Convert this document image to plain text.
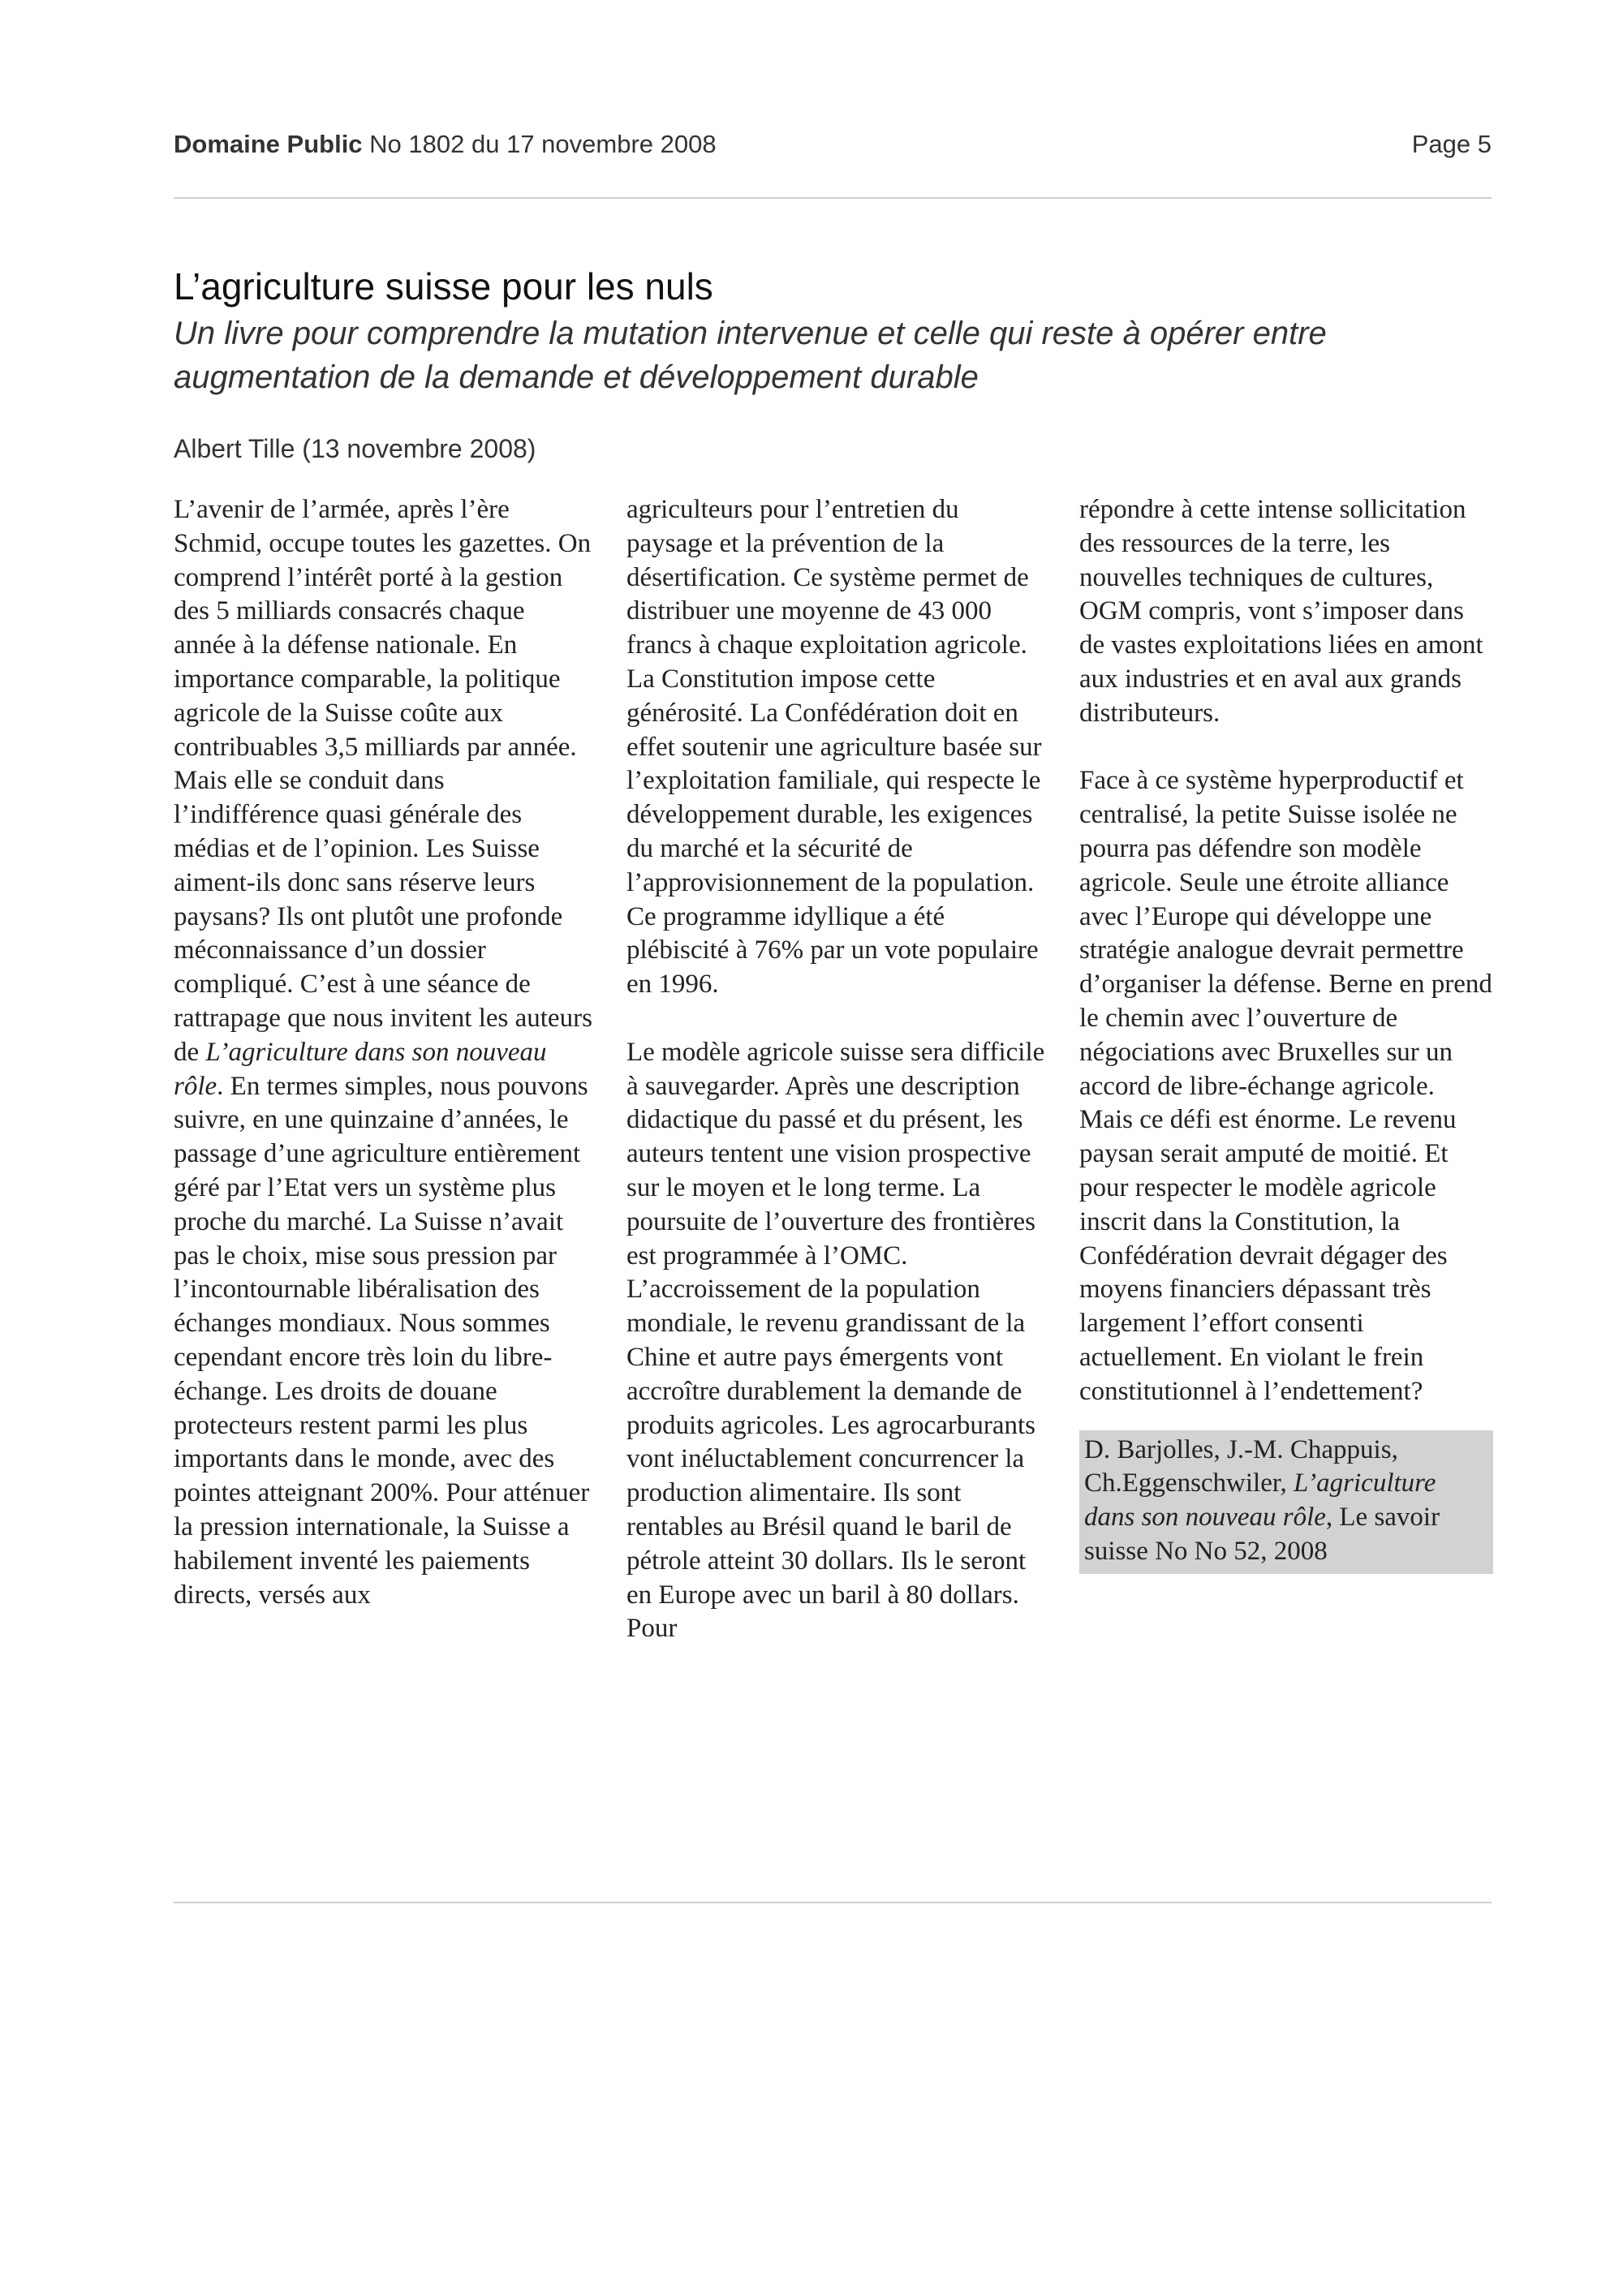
Domaine Public No 1802 du 17 novembre 2008	Page 5
L’agriculture suisse pour les nuls

Un livre pour comprendre la mutation intervenue et celle qui reste à opérer entre augmentation de la demande et développement durable

Albert Tille (13 novembre 2008)

L’avenir de l’armée, après l’ère Schmid, occupe toutes les gazettes. On comprend l’intérêt porté à la gestion des 5 milliards consacrés chaque année à la défense nationale. En importance comparable, la politique agricole de la Suisse coûte aux contribuables 3,5 milliards par année. Mais elle se conduit dans l’indifférence quasi générale des médias et de l’opinion. Les Suisse aiment-ils donc sans réserve leurs paysans? Ils ont plutôt une profonde méconnaissance d’un dossier compliqué. C’est à une séance de rattrapage que nous invitent les auteurs de L’agriculture dans son nouveau rôle. En termes simples, nous pouvons suivre, en une quinzaine d’années, le passage d’une agriculture entièrement géré par l’Etat vers un système plus proche du marché. La Suisse n’avait pas le choix, mise sous pression par l’incontournable libéralisation des échanges mondiaux. Nous sommes cependant encore très loin du libre-échange. Les droits de douane protecteurs restent parmi les plus importants dans le monde, avec des pointes atteignant 200%. Pour atténuer la pression internationale, la Suisse a habilement inventé les paiements directs, versés aux

agriculteurs pour l’entretien du paysage et la prévention de la désertification. Ce système permet de distribuer une moyenne de 43 000 francs à chaque exploitation agricole. La Constitution impose cette générosité. La Confédération doit en effet soutenir une agriculture basée sur l’exploitation familiale, qui respecte le développement durable, les exigences du marché et la sécurité de l’approvisionnement de la population. Ce programme idyllique a été plébiscité à 76% par un vote populaire en 1996.

Le modèle agricole suisse sera difficile à sauvegarder. Après une description didactique du passé et du présent, les auteurs tentent une vision prospective sur le moyen et le long terme. La poursuite de l’ouverture des frontières est programmée à l’OMC. L’accroissement de la population mondiale, le revenu grandissant de la Chine et autre pays émergents vont accroître durablement la demande de produits agricoles. Les agrocarburants vont inéluctablement concurrencer la production alimentaire. Ils sont rentables au Brésil quand le baril de pétrole atteint 30 dollars. Ils le seront en Europe avec un baril à 80 dollars. Pour

répondre à cette intense sollicitation des ressources de la terre, les nouvelles techniques de cultures, OGM compris, vont s’imposer dans de vastes exploitations liées en amont aux industries et en aval aux grands distributeurs.

Face à ce système hyperproductif et centralisé, la petite Suisse isolée ne pourra pas défendre son modèle agricole. Seule une étroite alliance avec l’Europe qui développe une stratégie analogue devrait permettre d’organiser la défense. Berne en prend le chemin avec l’ouverture de négociations avec Bruxelles sur un accord de libre-échange agricole. Mais ce défi est énorme. Le revenu paysan serait amputé de moitié. Et pour respecter le modèle agricole inscrit dans la Constitution, la Confédération devrait dégager des moyens financiers dépassant très largement l’effort consenti actuellement. En violant le frein constitutionnel à l’endettement?

D. Barjolles, J.-M. Chappuis, Ch.Eggenschwiler, L’agriculture dans son nouveau rôle, Le savoir suisse No No 52, 2008
